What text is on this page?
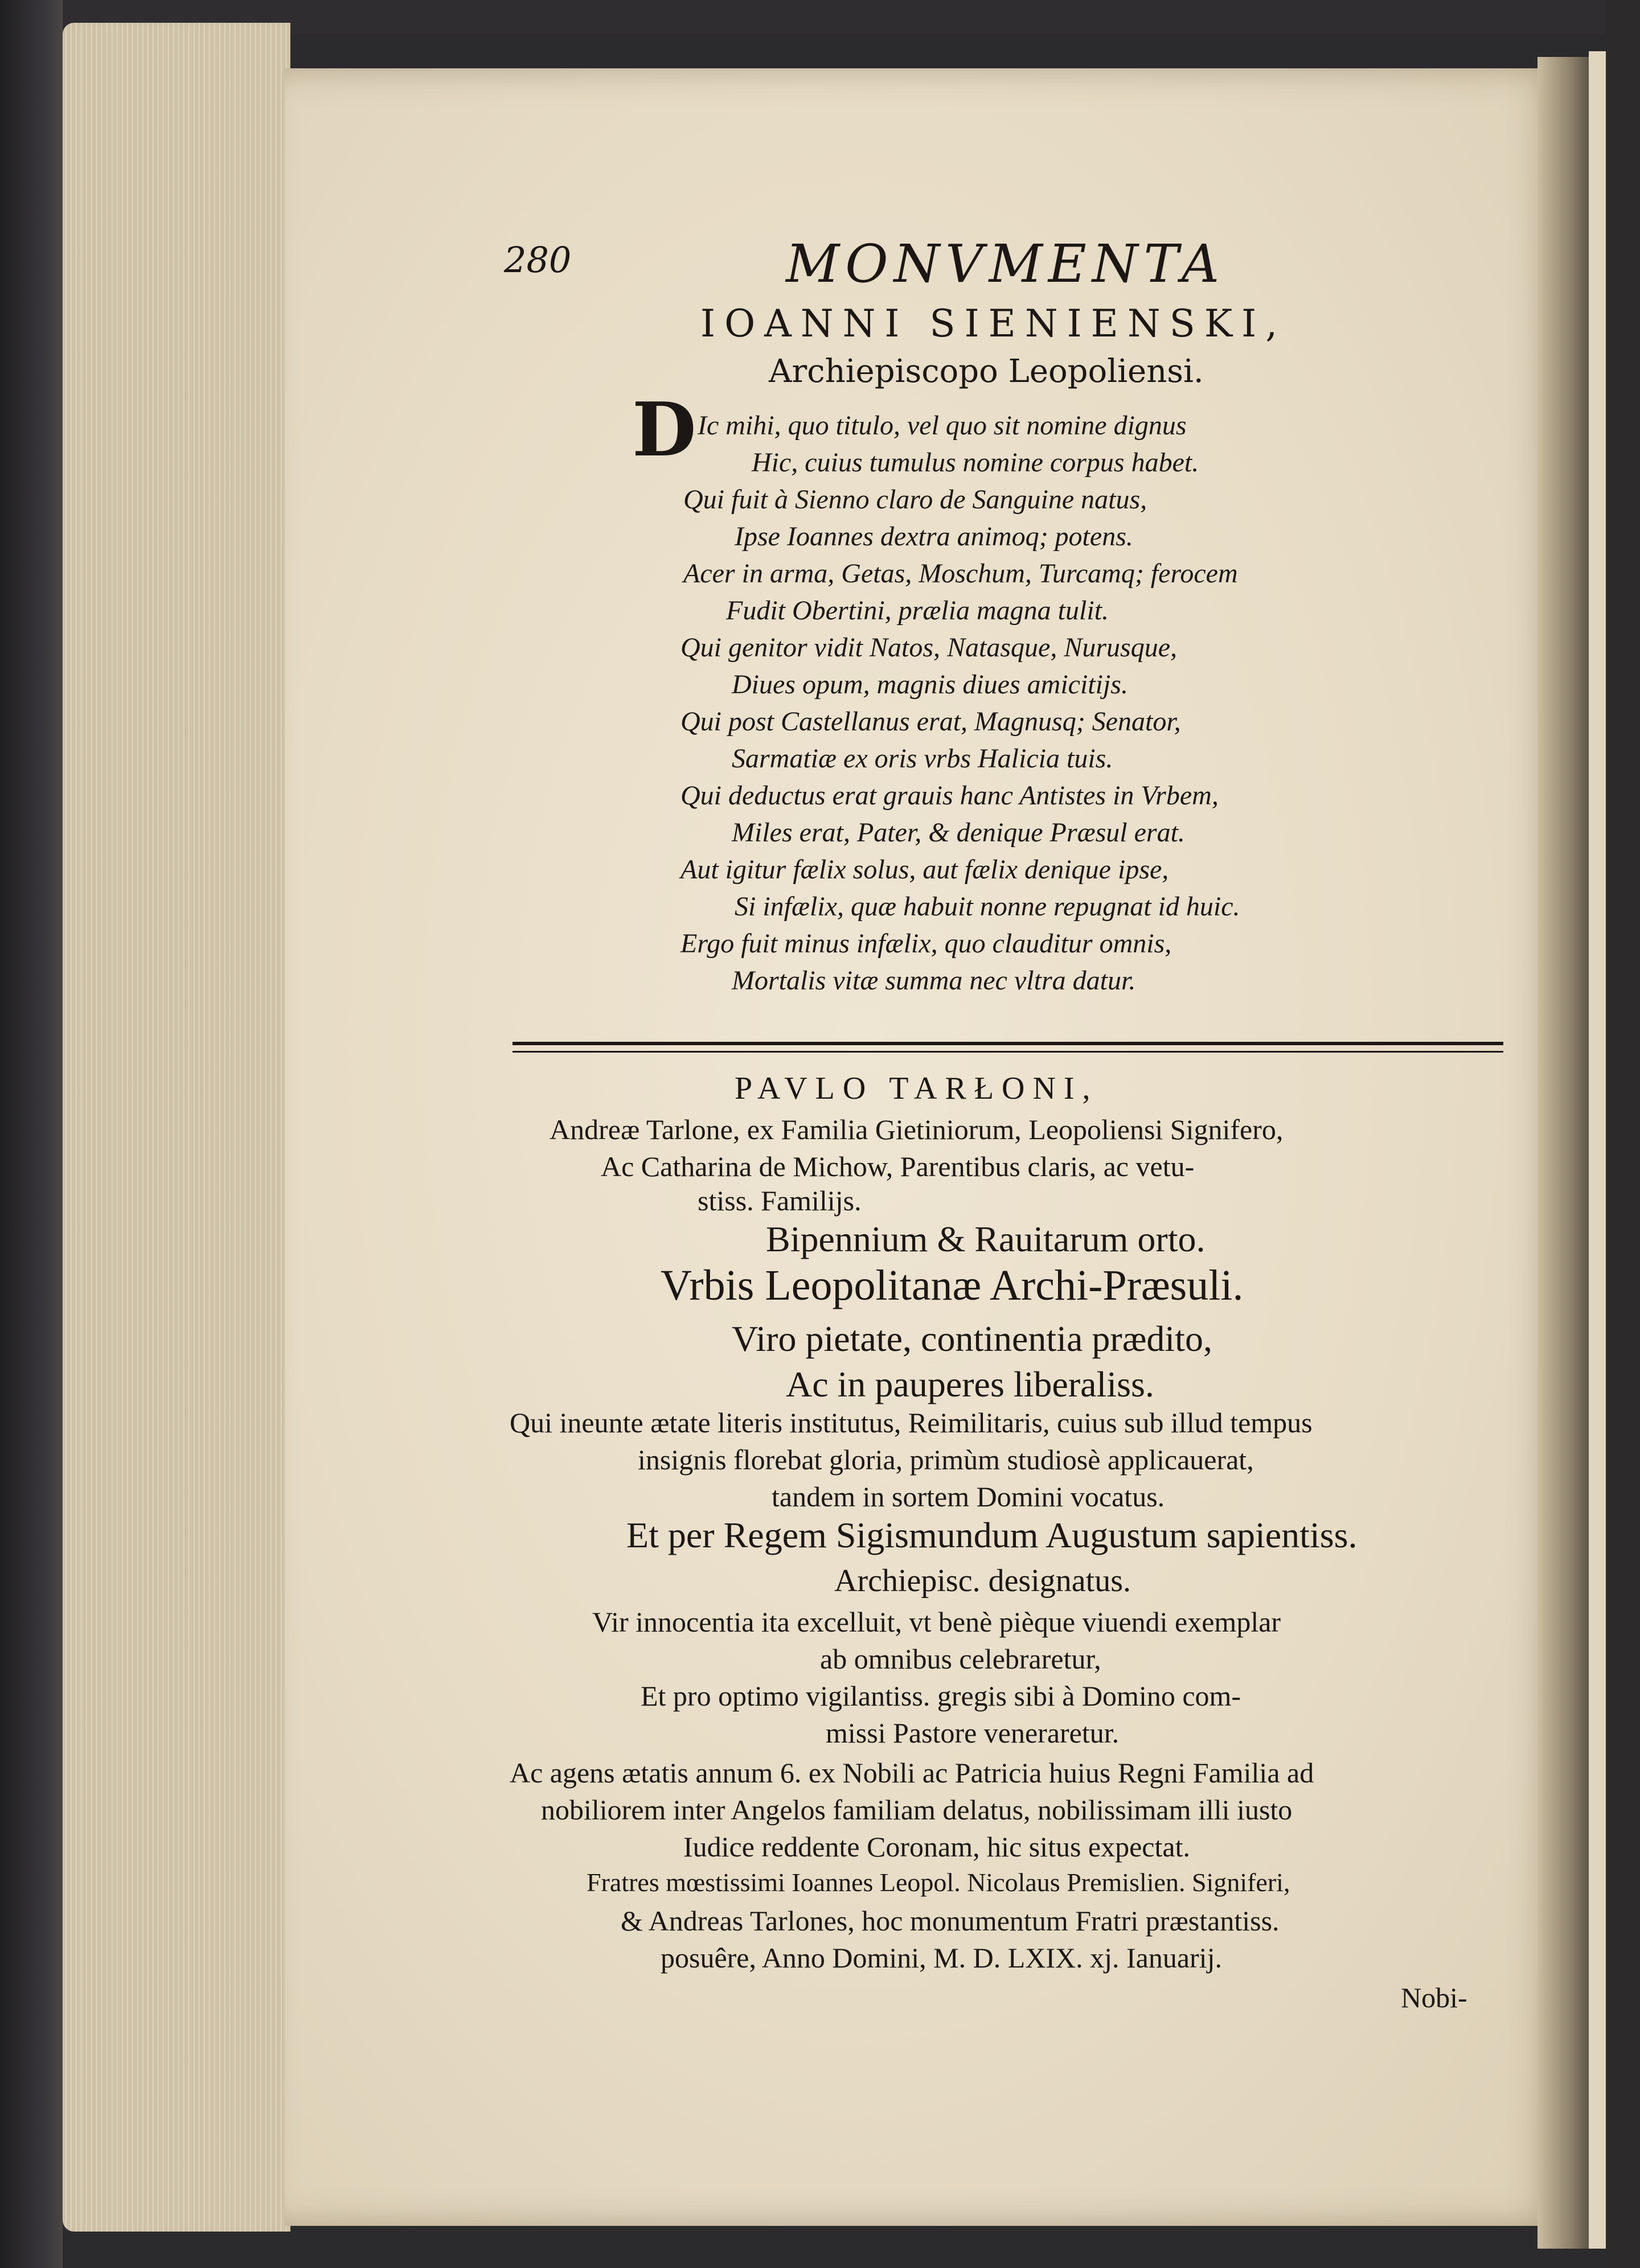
280	MONVMENTA
IOANNI SIENIENSKI,
Archiepiscopo Leopoliensi.
D Ic mihi, quo titulo, vel quo sit nomine dignus
Hic, cuius tumulus nomine corpus habet.
Qui fuit à Sienno claro de Sanguine natus,
Ipse Ioannes dextra animoq; potens.
Acer in arma, Getas, Moschum, Turcamq; ferocem
Fudit Obertini, prælia magna tulit.
Qui genitor vidit Natos, Natasque, Nurusque,
Diues opum, magnis diues amicitijs.
Qui post Castellanus erat, Magnusq; Senator,
Sarmatiæ ex oris vrbs Halicia tuis.
Qui deductus erat grauis hanc Antistes in Vrbem,
Miles erat, Pater, & denique Præsul erat.
Aut igitur fælix solus, aut fælix denique ipse,
Si infælix, quæ habuit nonne repugnat id huic.
Ergo fuit minus infælix, quo clauditur omnis,
Mortalis vitæ summa nec vltra datur.
PAVLO TARŁONI,
Andreæ Tarlone, ex Familia Gietiniorum, Leopoliensi Signifero,
Ac Catharina de Michow, Parentibus claris, ac vetu-
stiss. Familijs.
Bipennium & Rauitarum orto.
Vrbis Leopolitanæ Archi-Præsuli.
Viro pietate, continentia prædito,
Ac in pauperes liberaliss.
Qui ineunte ætate literis institutus, Reimilitaris, cuius sub illud tempus
insignis florebat gloria, primùm studiosè applicauerat,
tandem in sortem Domini vocatus.
Et per Regem Sigismundum Augustum sapientiss.
Archiepisc. designatus.
Vir innocentia ita excelluit, vt benè pièque viuendi exemplar
ab omnibus celebraretur,
Et pro optimo vigilantiss. gregis sibi à Domino com-
missi Pastore veneraretur.
Ac agens ætatis annum 6. ex Nobili ac Patricia huius Regni Familia ad
nobiliorem inter Angelos familiam delatus, nobilissimam illi iusto
Iudice reddente Coronam, hic situs expectat.
Fratres mœstissimi Ioannes Leopol. Nicolaus Premislien. Signiferi,
& Andreas Tarlones, hoc monumentum Fratri præstantiss.
posuêre, Anno Domini, M. D. LXIX. xj. Ianuarij.
Nobi-
